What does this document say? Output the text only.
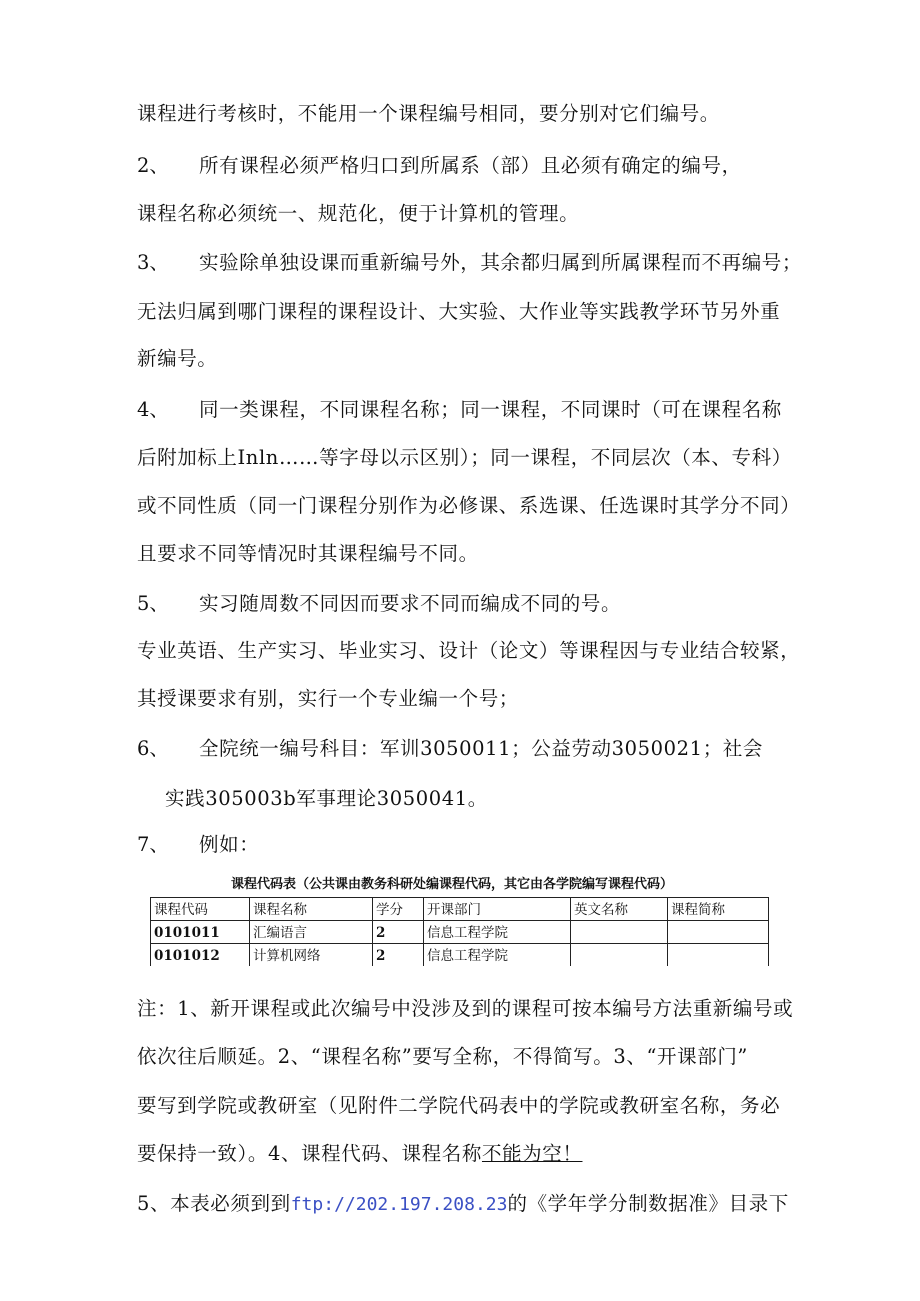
课程进行考核时，不能用一个课程编号相同，要分别对它们编号。
2、 所有课程必须严格归口到所属系（部）且必须有确定的编号，
课程名称必须统一、规范化，便于计算机的管理。
3、 实验除单独设课而重新编号外，其余都归属到所属课程而不再编号；
无法归属到哪门课程的课程设计、大实验、大作业等实践教学环节另外重
新编号。
4、 同一类课程，不同课程名称；同一课程，不同课时（可在课程名称
后附加标上Inln……等字母以示区别）；同一课程，不同层次（本、专科）
或不同性质（同一门课程分别作为必修课、系选课、任选课时其学分不同）
且要求不同等情况时其课程编号不同。
5、 实习随周数不同因而要求不同而编成不同的号。
专业英语、生产实习、毕业实习、设计（论文）等课程因与专业结合较紧，
其授课要求有别，实行一个专业编一个号；
6、 全院统一编号科目：军训3050011；公益劳动3050021；社会
实践305003b军事理论3050041。
7、 例如：
课程代码表（公共课由教务科研处编课程代码，其它由各学院编写课程代码）
课程代码	课程名称	学分	开课部门	英文名称	课程简称
0101011	汇编语言	2	信息工程学院		
0101012	计算机网络	2	信息工程学院		
注：1、新开课程或此次编号中没涉及到的课程可按本编号方法重新编号或
依次往后顺延。2、“课程名称”要写全称，不得简写。3、“开课部门”
要写到学院或教研室（见附件二学院代码表中的学院或教研室名称，务必
要保持一致）。4、课程代码、课程名称不能为空！
5、本表必须到到ftp://202.197.208.23的《学年学分制数据准》目录下
